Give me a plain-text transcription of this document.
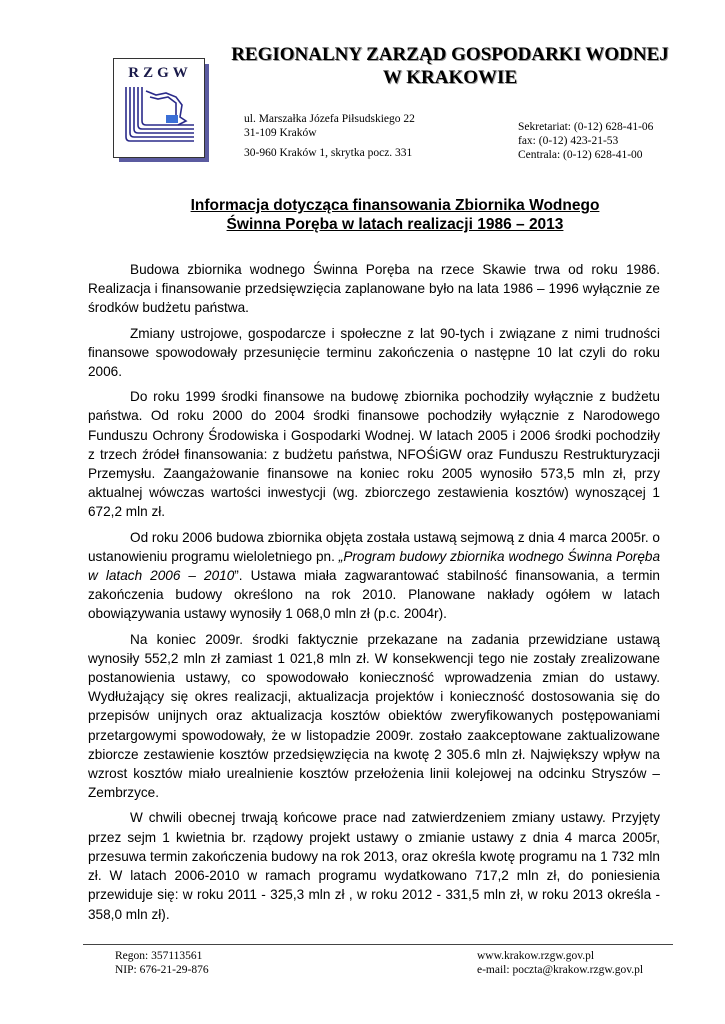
RZGW
REGIONALNY ZARZĄD GOSPODARKI WODNEJ
W KRAKOWIE
ul. Marszałka Józefa Piłsudskiego 22
31-109 Kraków
30-960 Kraków 1, skrytka pocz. 331
Sekretariat: (0-12) 628-41-06
fax: (0-12) 423-21-53
Centrala: (0-12) 628-41-00
Informacja dotycząca finansowania Zbiornika Wodnego
Świnna Poręba w latach realizacji 1986 – 2013

Budowa zbiornika wodnego Świnna Poręba na rzece Skawie trwa od roku 1986. Realizacja i finansowanie przedsięwzięcia zaplanowane było na lata 1986 – 1996 wyłącznie ze środków budżetu państwa.

Zmiany ustrojowe, gospodarcze i społeczne z lat 90-tych i związane z nimi trudności finansowe spowodowały przesunięcie terminu zakończenia o następne 10 lat czyli do roku 2006.

Do roku 1999 środki finansowe na budowę zbiornika pochodziły wyłącznie z budżetu państwa. Od roku 2000 do 2004 środki finansowe pochodziły wyłącznie z Narodowego Funduszu Ochrony Środowiska i Gospodarki Wodnej. W latach 2005 i 2006 środki pochodziły z trzech źródeł finansowania: z budżetu państwa, NFOŚiGW oraz Funduszu Restrukturyzacji Przemysłu. Zaangażowanie finansowe na koniec roku 2005 wynosiło 573,5 mln zł, przy aktualnej wówczas wartości inwestycji (wg. zbiorczego zestawienia kosztów) wynoszącej 1 672,2 mln zł.

Od roku 2006 budowa zbiornika objęta została ustawą sejmową z dnia 4 marca 2005r. o ustanowieniu programu wieloletniego pn. „Program budowy zbiornika wodnego Świnna Poręba w latach 2006 – 2010”. Ustawa miała zagwarantować stabilność finansowania, a termin zakończenia budowy określono na rok 2010. Planowane nakłady ogółem w latach obowiązywania ustawy wynosiły 1 068,0 mln zł (p.c. 2004r).

Na koniec 2009r. środki faktycznie przekazane na zadania przewidziane ustawą wynosiły 552,2 mln zł zamiast 1 021,8 mln zł. W konsekwencji tego nie zostały zrealizowane postanowienia ustawy, co spowodowało konieczność wprowadzenia zmian do ustawy. Wydłużający się okres realizacji, aktualizacja projektów i konieczność dostosowania się do przepisów unijnych oraz aktualizacja kosztów obiektów zweryfikowanych postępowaniami przetargowymi spowodowały, że w listopadzie 2009r. zostało zaakceptowane zaktualizowane zbiorcze zestawienie kosztów przedsięwzięcia na kwotę 2 305.6 mln zł. Największy wpływ na wzrost kosztów miało urealnienie kosztów przełożenia linii kolejowej na odcinku Stryszów – Zembrzyce.

W chwili obecnej trwają końcowe prace nad zatwierdzeniem zmiany ustawy. Przyjęty przez sejm 1 kwietnia br. rządowy projekt ustawy o zmianie ustawy z dnia 4 marca 2005r, przesuwa termin zakończenia budowy na rok 2013, oraz określa kwotę programu na 1 732 mln zł. W latach 2006-2010 w ramach programu wydatkowano 717,2 mln zł, do poniesienia przewiduje się: w roku 2011 - 325,3 mln zł , w roku 2012 - 331,5 mln zł, w roku 2013 określa - 358,0 mln zł).

Regon: 357113561
NIP: 676-21-29-876
www.krakow.rzgw.gov.pl
e-mail: poczta@krakow.rzgw.gov.pl
